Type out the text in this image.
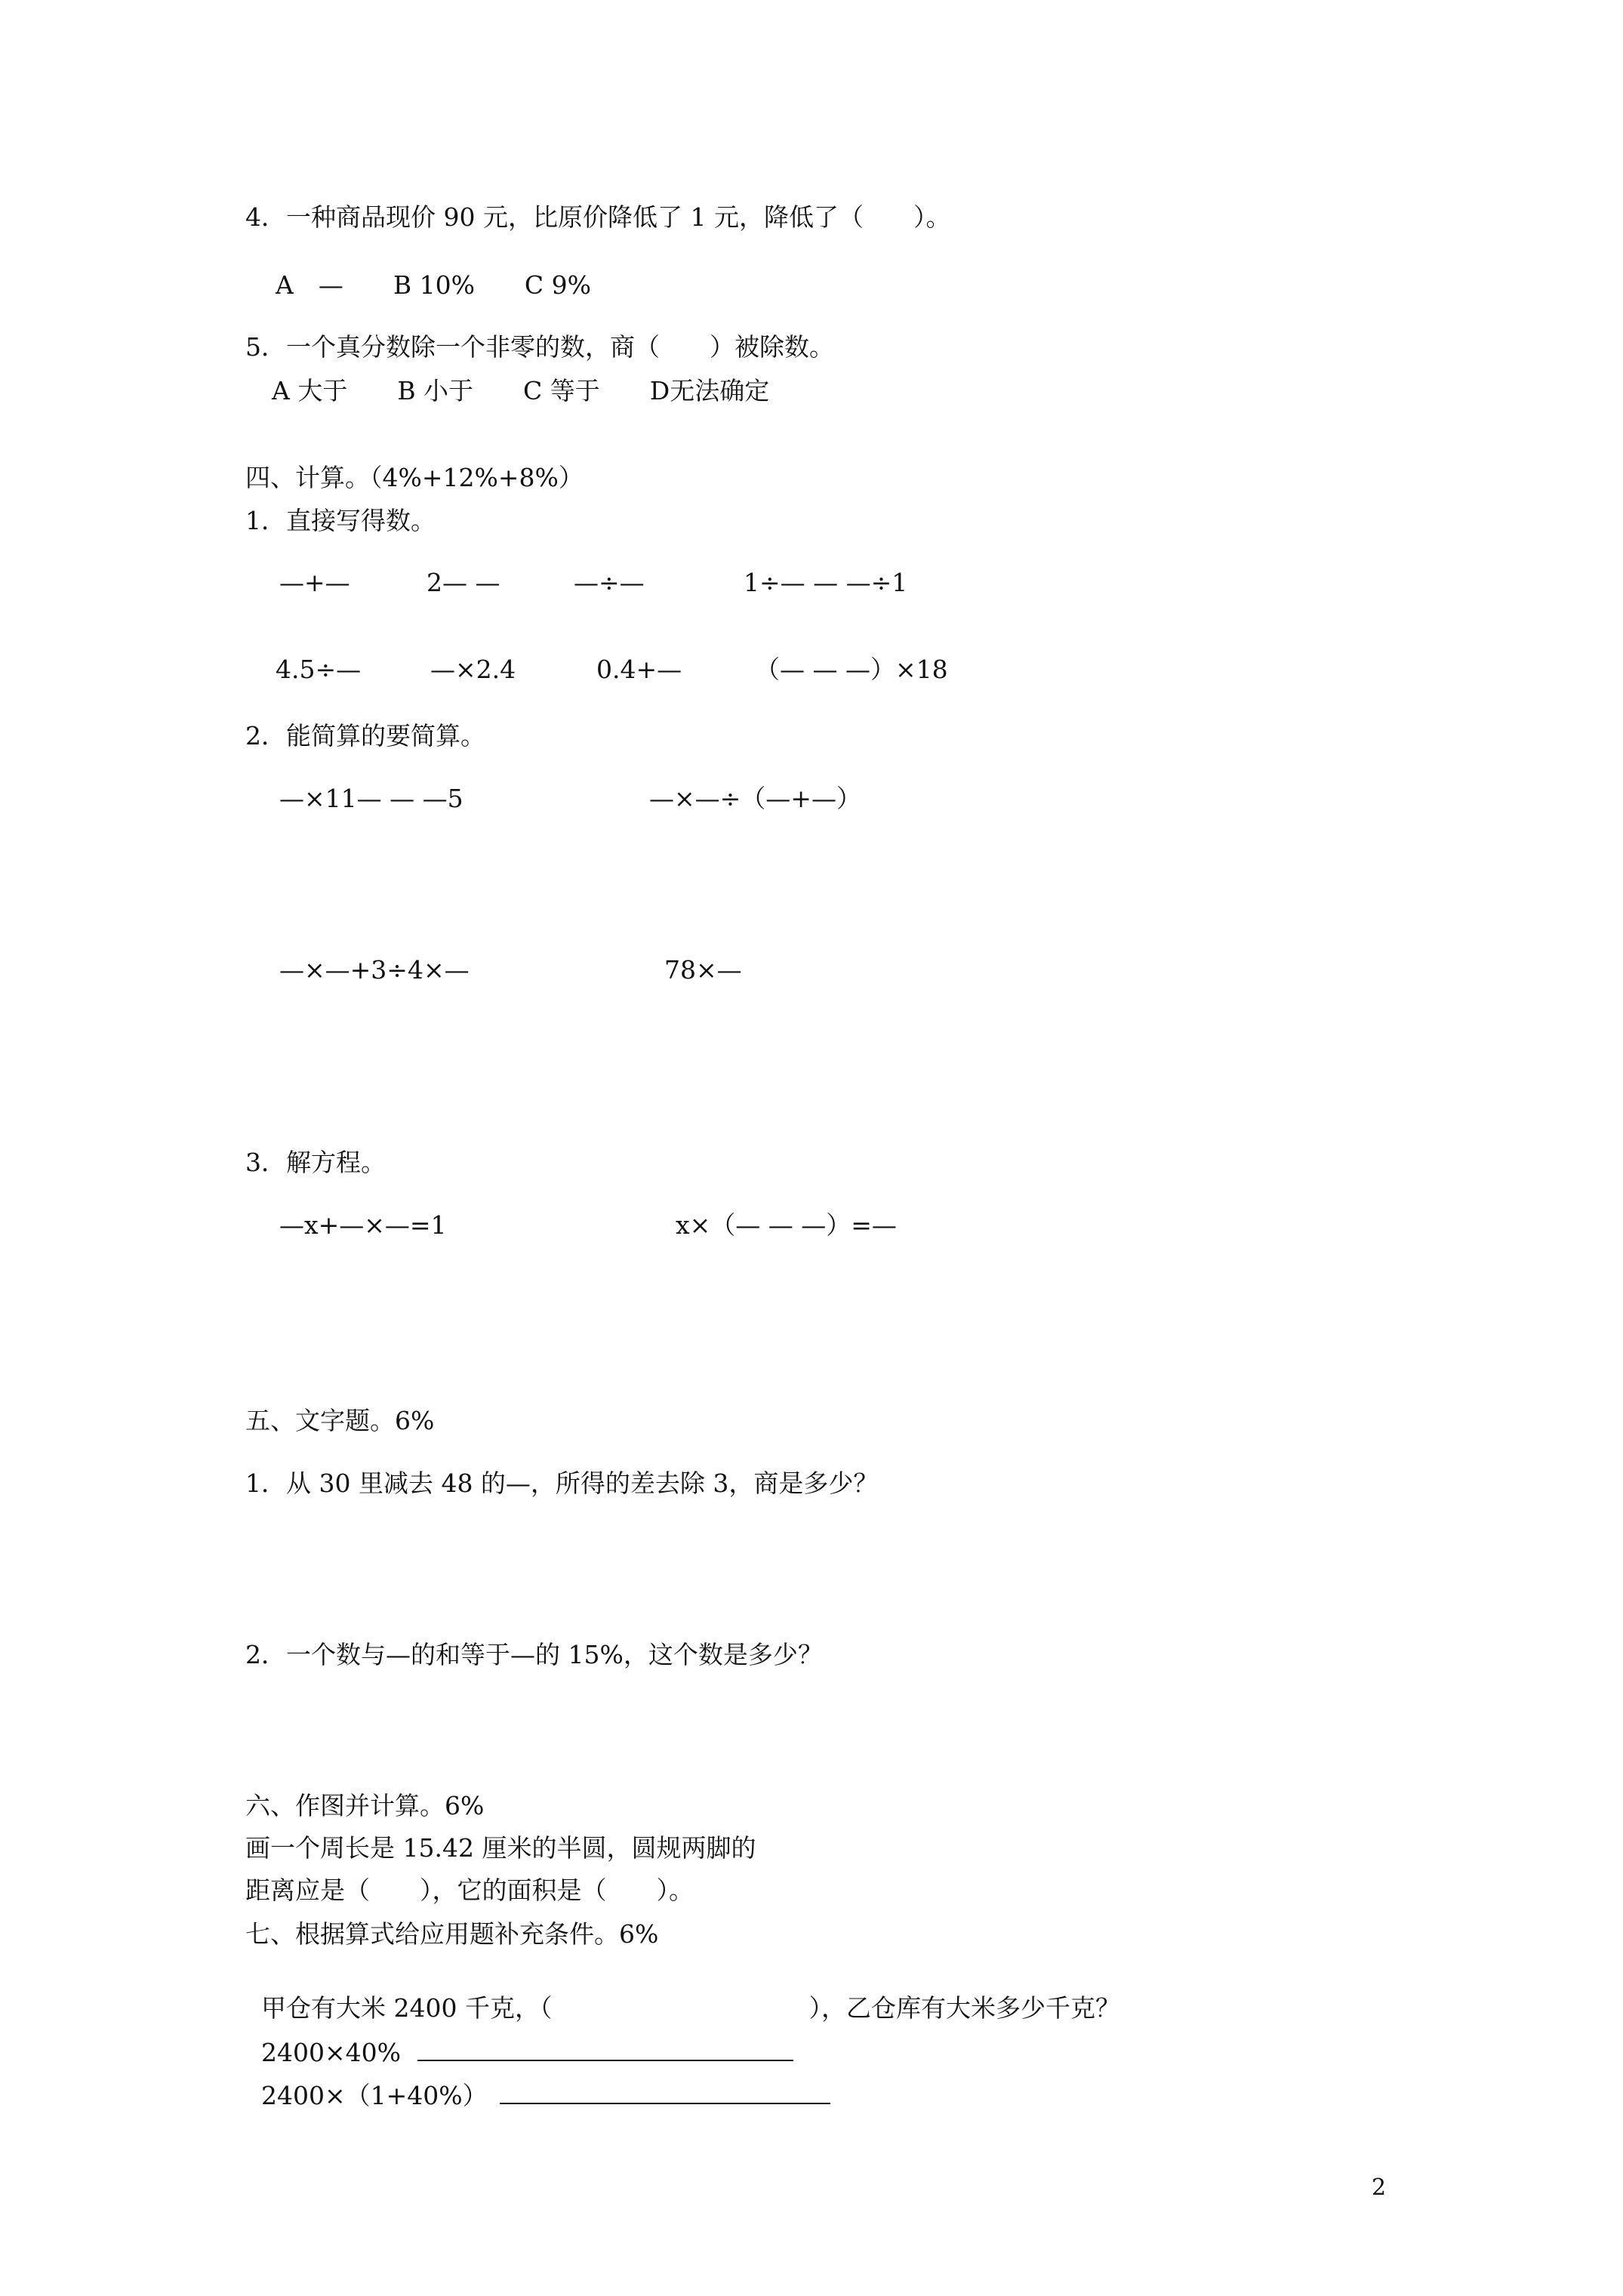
4．一种商品现价 90 元，比原价降低了 1 元，降低了（　　）。
A　—　　B 10%　　C 9%
5．一个真分数除一个非零的数，商（　　）被除数。
A 大于　　B 小于　　C 等于　　D无法确定
四、计算。（4%+12%+8%）
1．直接写得数。
—+—	2— —	—÷—	1÷— — —÷1
4.5÷—	—×2.4	0.4+—	（— — —）×18
2．能简算的要简算。
—×11— — —5	—×—÷（—+—）
—×—+3÷4×—	78×—
3．解方程。
—x+—×—=1	x×（— — —）=—
五、文字题。6%
1．从 30 里减去 48 的—，所得的差去除 3，商是多少？
2．一个数与—的和等于—的 15%，这个数是多少？
六、作图并计算。6%
画一个周长是 15.42 厘米的半圆，圆规两脚的
距离应是（　　），它的面积是（　　）。
七、根据算式给应用题补充条件。6%

甲仓有大米 2400 千克，（	），乙仓库有大米多少千克？

2400×40%

2400×（1+40%）

2
